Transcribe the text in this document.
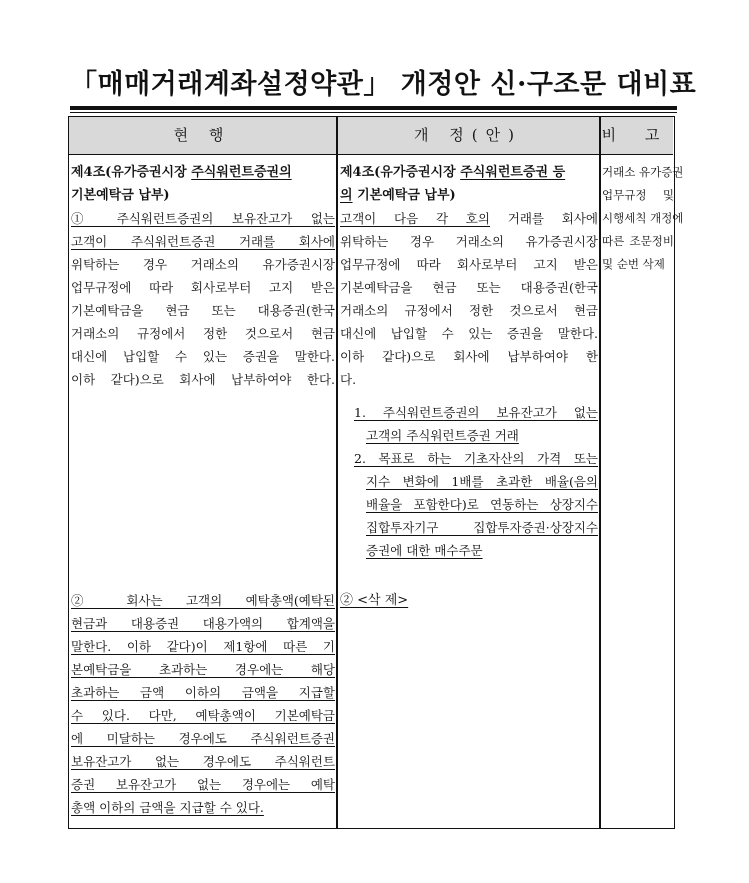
「매매거래계좌설정약관」 개정안 신·구조문 대비표
현 행	개 정(안)	비 고
제4조(유가증권시장 주식워런트증권의
기본예탁금 납부)
① 주식워런트증권의 보유잔고가 없는
고객이 주식워런트증권 거래를 회사에
위탁하는 경우 거래소의 유가증권시장
업무규정에 따라 회사로부터 고지 받은
기본예탁금을 현금 또는 대용증권(한국
거래소의 규정에서 정한 것으로서 현금
대신에 납입할 수 있는 증권을 말한다.
이하 같다)으로 회사에 납부하여야 한다.
② 회사는 고객의 예탁총액(예탁된
현금과 대용증권 대용가액의 합계액을
말한다. 이하 같다)이 제1항에 따른 기
본예탁금을 초과하는 경우에는 해당
초과하는 금액 이하의 금액을 지급할
수 있다. 다만, 예탁총액이 기본예탁금
에 미달하는 경우에도 주식워런트증권
보유잔고가 없는 경우에도 주식워런트
증권 보유잔고가 없는 경우에는 예탁
총액 이하의 금액을 지급할 수 있다.
제4조(유가증권시장 주식워런트증권 등
의 기본예탁금 납부)
고객이 다음 각 호의 거래를 회사에
위탁하는 경우 거래소의 유가증권시장
업무규정에 따라 회사로부터 고지 받은
기본예탁금을 현금 또는 대용증권(한국
거래소의 규정에서 정한 것으로서 현금
대신에 납입할 수 있는 증권을 말한다.
이하 같다)으로 회사에 납부하여야 한
다.
1. 주식워런트증권의 보유잔고가 없는
고객의 주식워런트증권 거래
2. 목표로 하는 기초자산의 가격 또는
지수 변화에 1배를 초과한 배율(음의
배율을 포함한다)로 연동하는 상장지수
집합투자기구 집합투자증권·상장지수
증권에 대한 매수주문
② <삭 제>
거래소 유가증권
업무규정 및
시행세칙 개정에
따른 조문정비
및 순번 삭제
